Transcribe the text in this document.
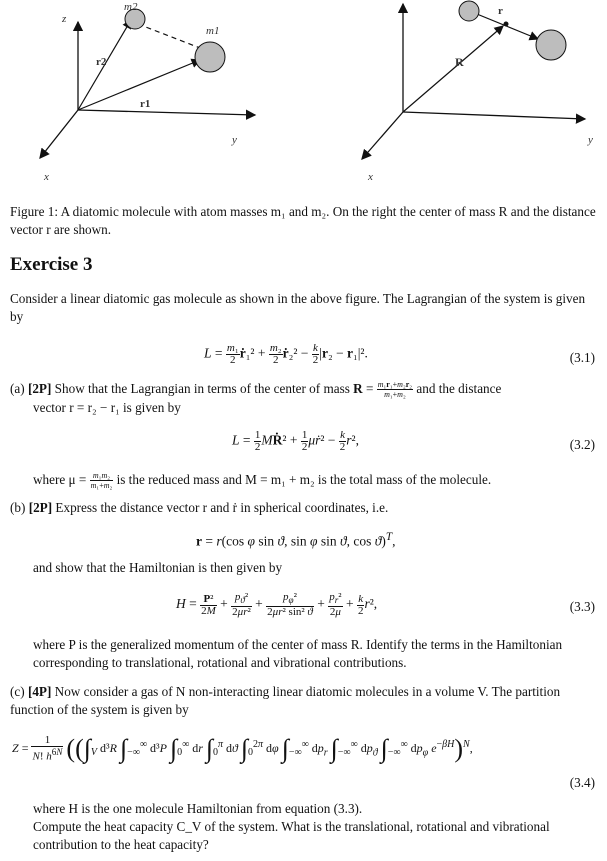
z
y
x
m2
m1
r2
r1
y
x
R
r
Figure 1: A diatomic molecule with atom masses m₁ and m₂. On the right the center of mass R and the distance vector r are shown.
Exercise 3
Consider a linear diatomic gas molecule as shown in the above figure. The Lagrangian of the system is given by
$L = \frac{\text{m₁}}{2}$ ṙ₁² + $\frac{\text{m₂}}{2}$ ṙ₂² − $\frac{k}{2} |r_2 - r_1|^2$.	(3.1)
(a) [2P] Show that the Lagrangian in terms of the center of mass $R = \frac{\text{m₁r₁+m₂r₂}}{\text{m₁+m₂}}$ and the distance
vector r = r₂ − r₁ is given by
$L = \frac{1}{2}$ MṘ² + $\frac{1}{2}$ μṙ² − $\frac{k}{2} r^2$,	(3.2)
where $\mu = \frac{\text{m₁m₂}}{\text{m₁+m₂}}$ is the reduced mass and M = m₁ + m₂ is the total mass of the molecule.
(b) [2P] Express the distance vector r and ṙ in spherical coordinates, i.e.
r = r(cos φ sin ϑ, sin φ sin ϑ, cos ϑ)$^T$,
and show that the Hamiltonian is then given by
$H = \frac{\text{P²}}{2M} + \frac{p_ϑ^2}{\text{2μr²}} + \frac{p_\varphi^2}{\text{2μr² sin² ϑ}} + \frac{p_r^2}{2\mu} + \frac{k}{2} r^2$,	(3.3)
where P is the generalized momentum of the center of mass R. Identify the terms in the Hamiltonian corresponding to translational, rotational and vibrational contributions.
(c) [4P] Now consider a gas of N non-interacting linear diatomic molecules in a volume V. The partition function of the system is given by
$Z = \frac{1}{N! h^{6N}} ((\int_V$ d³R $\int_{-\infty}^\infty$ d³P $\int_0^\infty$ dr $\int_0^\pi$ dϑ $\int_0^{2\pi}$ dφ $\int_{-\infty}^\infty$ $dp_r$ $\int_{-\infty}^\infty$ $dp_ϑ$ $\int_{-\infty}^\infty$ $dp_\varphi$ $e^{-\beta H})^N$,
(3.4)
where H is the one molecule Hamiltonian from equation (3.3).
Compute the heat capacity C_V of the system. What is the translational, rotational and vibrational contribution to the heat capacity?
